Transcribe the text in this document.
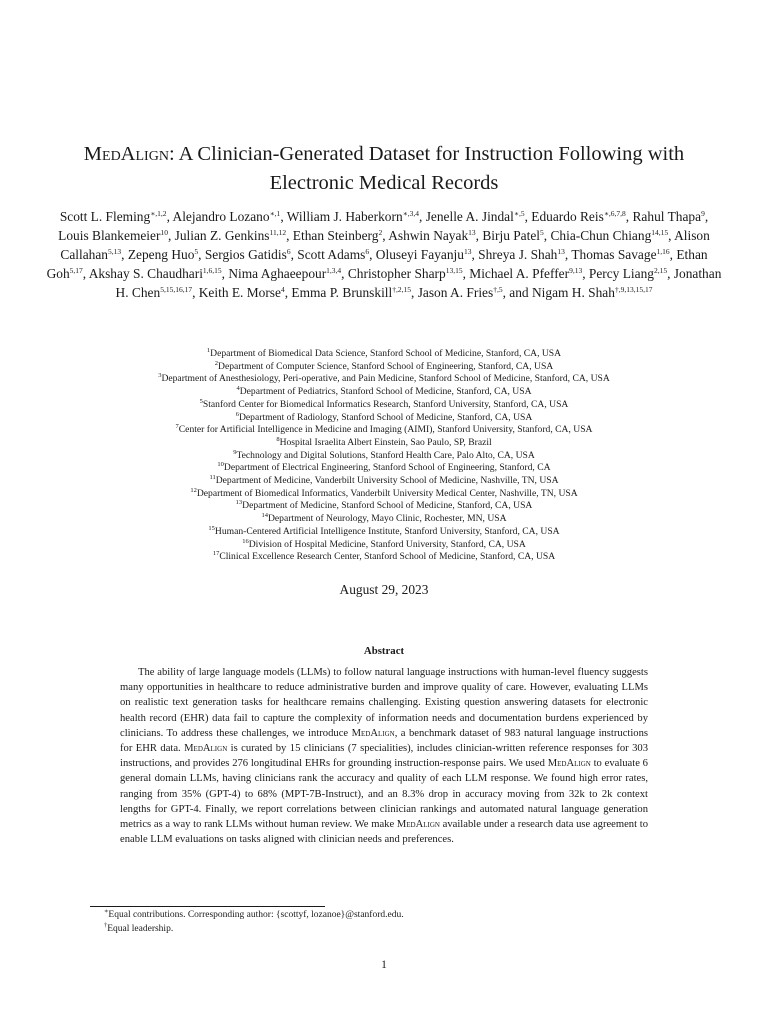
MedAlign: A Clinician-Generated Dataset for Instruction Following with Electronic Medical Records
Scott L. Fleming$^{∗,1,2}$, Alejandro Lozano$^{∗,1}$, William J. Haberkorn$^{∗,3,4}$, Jenelle A. Jindal$^{∗,5}$, Eduardo Reis$^{∗,6,7,8}$, Rahul Thapa$^9$, Louis Blankemeier$^{10}$, Julian Z. Genkins$^{11,12}$, Ethan Steinberg$^2$, Ashwin Nayak$^{13}$, Birju Patel$^5$, Chia-Chun Chiang$^{14,15}$, Alison Callahan$^{5,13}$, Zepeng Huo$^5$, Sergios Gatidis$^6$, Scott Adams$^6$, Oluseyi Fayanju$^{13}$, Shreya J. Shah$^{13}$, Thomas Savage$^{1,16}$, Ethan Goh$^{5,17}$, Akshay S. Chaudhari$^{1,6,15}$, Nima Aghaeepour$^{1,3,4}$, Christopher Sharp$^{13,15}$, Michael A. Pfeffer$^{9,13}$, Percy Liang$^{2,15}$, Jonathan H. Chen$^{5,15,16,17}$, Keith E. Morse$^4$, Emma P. Brunskill$^{\dagger,2,15}$, Jason A. Fries$^{\dagger,5}$, and Nigam H. Shah$^{\dagger,9,13,15,17}$
$^1$Department of Biomedical Data Science, Stanford School of Medicine, Stanford, CA, USA
$^2$Department of Computer Science, Stanford School of Engineering, Stanford, CA, USA
$^3$Department of Anesthesiology, Peri-operative, and Pain Medicine, Stanford School of Medicine, Stanford, CA, USA
$^4$Department of Pediatrics, Stanford School of Medicine, Stanford, CA, USA
$^5$Stanford Center for Biomedical Informatics Research, Stanford University, Stanford, CA, USA
$^6$Department of Radiology, Stanford School of Medicine, Stanford, CA, USA
$^7$Center for Artificial Intelligence in Medicine and Imaging (AIMI), Stanford University, Stanford, CA, USA
$^8$Hospital Israelita Albert Einstein, Sao Paulo, SP, Brazil
$^9$Technology and Digital Solutions, Stanford Health Care, Palo Alto, CA, USA
$^{10}$Department of Electrical Engineering, Stanford School of Engineering, Stanford, CA
$^{11}$Department of Medicine, Vanderbilt University School of Medicine, Nashville, TN, USA
$^{12}$Department of Biomedical Informatics, Vanderbilt University Medical Center, Nashville, TN, USA
$^{13}$Department of Medicine, Stanford School of Medicine, Stanford, CA, USA
$^{14}$Department of Neurology, Mayo Clinic, Rochester, MN, USA
$^{15}$Human-Centered Artificial Intelligence Institute, Stanford University, Stanford, CA, USA
$^{16}$Division of Hospital Medicine, Stanford University, Stanford, CA, USA
$^{17}$Clinical Excellence Research Center, Stanford School of Medicine, Stanford, CA, USA
August 29, 2023
Abstract

The ability of large language models (LLMs) to follow natural language instructions with human-level fluency suggests many opportunities in healthcare to reduce administrative burden and improve quality of care. However, evaluating LLMs on realistic text generation tasks for healthcare remains challenging. Existing question answering datasets for electronic health record (EHR) data fail to capture the complexity of information needs and documentation burdens experienced by clinicians. To address these challenges, we introduce MedAlign, a benchmark dataset of 983 natural language instructions for EHR data. MedAlign is curated by 15 clinicians (7 specialities), includes clinician-written reference responses for 303 instructions, and provides 276 longitudinal EHRs for grounding instruction-response pairs. We used MedAlign to evaluate 6 general domain LLMs, having clinicians rank the accuracy and quality of each LLM response. We found high error rates, ranging from 35% (GPT-4) to 68% (MPT-7B-Instruct), and an 8.3% drop in accuracy moving from 32k to 2k context lengths for GPT-4. Finally, we report correlations between clinician rankings and automated natural language generation metrics as a way to rank LLMs without human review. We make MedAlign available under a research data use agreement to enable LLM evaluations on tasks aligned with clinician needs and preferences.

∗Equal contributions. Corresponding author: {scottyf, lozanoe}@stanford.edu.
†Equal leadership.
1
